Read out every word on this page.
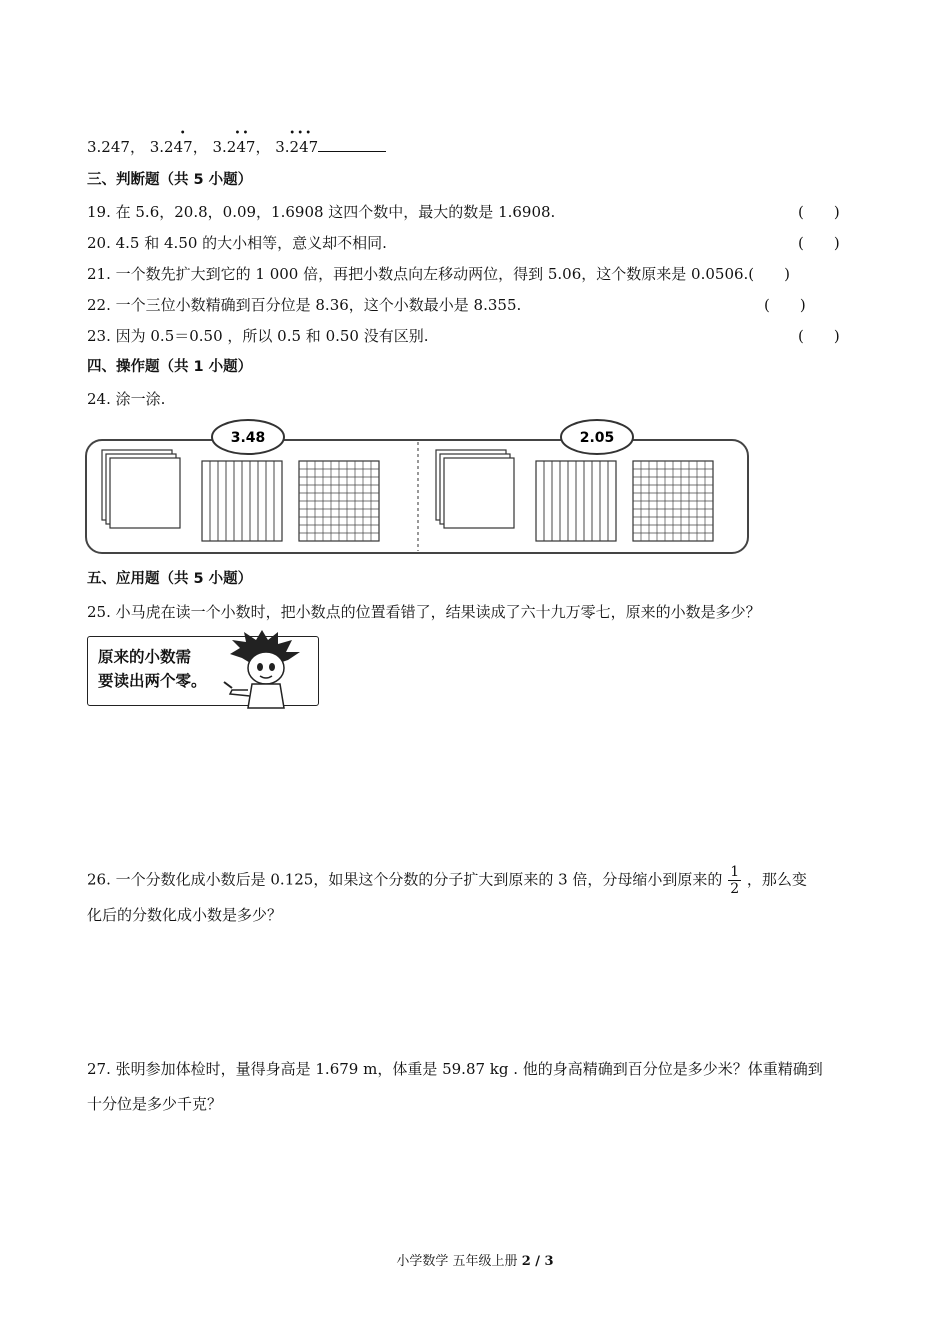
3.247， 3.247
•
， 3.247
• •
， 3.247
• • •
三、判断题（共 5 小题）
19. 在 5.6，20.8，0.09，1.6908 这四个数中，最大的数是 1.6908.	(　　)
20. 4.5 和 4.50 的大小相等，意义却不相同.	(　　)
21. 一个数先扩大到它的 1 000 倍，再把小数点向左移动两位，得到 5.06，这个数原来是 0.0506.(　　)
22. 一个三位小数精确到百分位是 8.36，这个小数最小是 8.355.	(　　)
23. 因为 0.5＝0.50 ，所以 0.5 和 0.50 没有区别.	(　　)
四、操作题（共 1 小题）
24. 涂一涂.
3.48	2.05
五、应用题（共 5 小题）
25. 小马虎在读一个小数时，把小数点的位置看错了，结果读成了六十九万零七，原来的小数是多少？
原来的小数需
要读出两个零。
26. 一个分数化成小数后是 0.125，如果这个分数的分子扩大到原来的 3 倍，分母缩小到原来的 $\frac{1}{2}$ ，那么变
化后的分数化成小数是多少？
27. 张明参加体检时，量得身高是 1.679 m，体重是 59.87 kg . 他的身高精确到百分位是多少米？体重精确到
十分位是多少千克？
小学数学 五年级上册 2 / 3
